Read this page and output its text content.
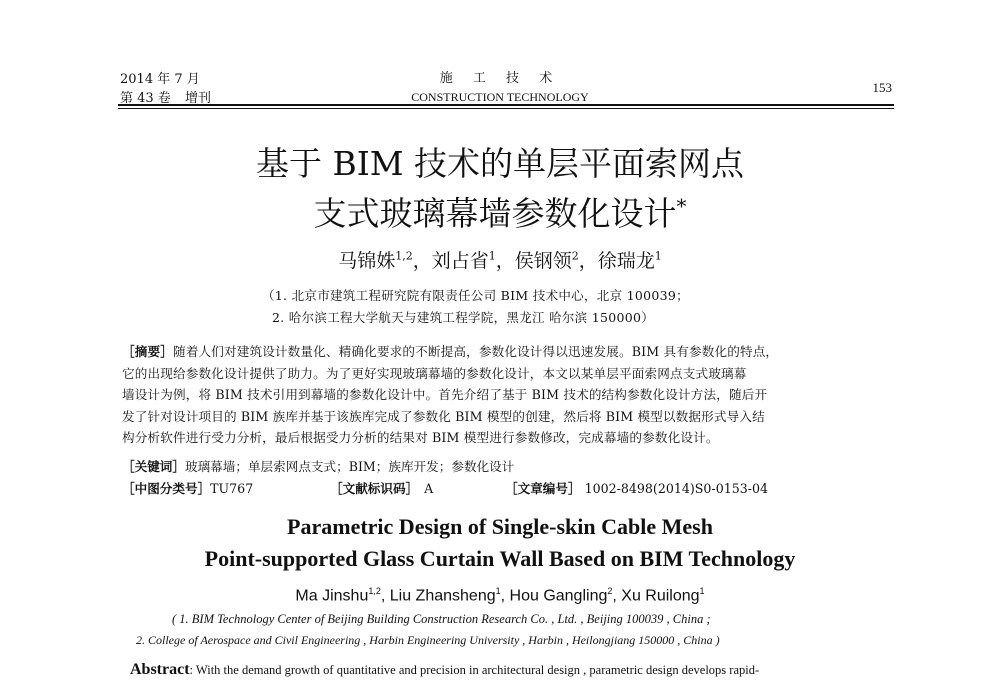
2014 年 7 月
第 43 卷 增刊
施 工 技 术
CONSTRUCTION TECHNOLOGY
153
基于 BIM 技术的单层平面索网点
支式玻璃幕墙参数化设计*
马锦姝$^{1,2}$，刘占省$^1$，侯钢领$^2$，徐瑞龙$^1$
（1. 北京市建筑工程研究院有限责任公司 BIM 技术中心，北京 100039；
2. 哈尔滨工程大学航天与建筑工程学院，黑龙江 哈尔滨 150000）
［摘要］随着人们对建筑设计数量化、精确化要求的不断提高，参数化设计得以迅速发展。BIM 具有参数化的特点，
它的出现给参数化设计提供了助力。为了更好实现玻璃幕墙的参数化设计，本文以某单层平面索网点支式玻璃幕
墙设计为例，将 BIM 技术引用到幕墙的参数化设计中。首先介绍了基于 BIM 技术的结构参数化设计方法，随后开
发了针对设计项目的 BIM 族库并基于该族库完成了参数化 BIM 模型的创建，然后将 BIM 模型以数据形式导入结
构分析软件进行受力分析，最后根据受力分析的结果对 BIM 模型进行参数修改，完成幕墙的参数化设计。
［关键词］玻璃幕墙；单层索网点支式；BIM；族库开发；参数化设计
［中图分类号］TU767	［文献标识码］ A	［文章编号］ 1002-8498(2014)S0-0153-04
Parametric Design of Single-skin Cable Mesh
Point-supported Glass Curtain Wall Based on BIM Technology
Ma Jinshu$^{1,2}$, Liu Zhansheng$^1$, Hou Gangling$^2$, Xu Ruilong$^1$
( 1. BIM Technology Center of Beijing Building Construction Research Co. , Ltd. , Beijing 100039 , China ;
2. College of Aerospace and Civil Engineering , Harbin Engineering University , Harbin , Heilongjiang 150000 , China )
Abstract: With the demand growth of quantitative and precision in architectural design , parametric design develops rapid-
